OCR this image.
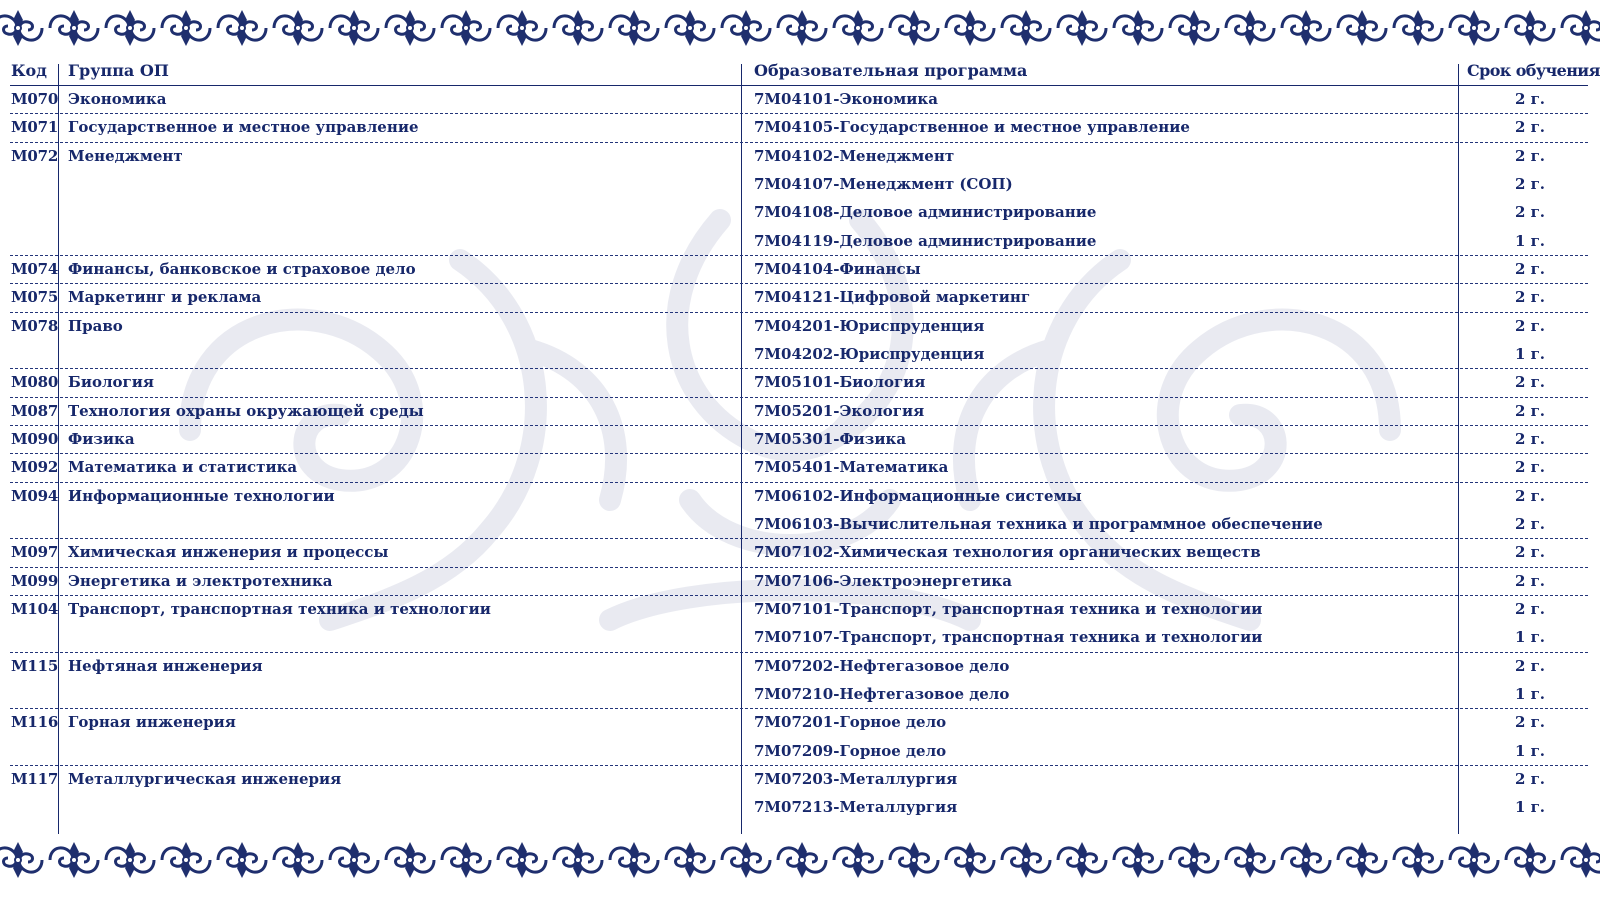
Код Группа ОП	Образовательная программа	Срок обучения
M070 Экономика	7M04101-Экономика	2 г.
M071 Государственное и местное управление	7M04105-Государственное и местное управление	2 г.
M072 Менеджмент	7M04102-Менеджмент	2 г.
7M04107-Менеджмент (СОП)	2 г.
7M04108-Деловое администрирование	2 г.
7M04119-Деловое администрирование	1 г.
M074 Финансы, банковское и страховое дело	7M04104-Финансы	2 г.
M075 Маркетинг и реклама	7M04121-Цифровой маркетинг	2 г.
M078 Право	7M04201-Юриспруденция	2 г.
7M04202-Юриспруденция	1 г.
M080 Биология	7M05101-Биология	2 г.
M087 Технология охраны окружающей среды	7M05201-Экология	2 г.
M090 Физика	7M05301-Физика	2 г.
M092 Математика и статистика	7M05401-Математика	2 г.
M094 Информационные технологии	7M06102-Информационные системы	2 г.
7M06103-Вычислительная техника и программное обеспечение	2 г.
M097 Химическая инженерия и процессы	7M07102-Химическая технология органических веществ	2 г.
M099 Энергетика и электротехника	7M07106-Электроэнергетика	2 г.
M104 Транспорт, транспортная техника и технологии	7M07101-Транспорт, транспортная техника и технологии	2 г.
7M07107-Транспорт, транспортная техника и технологии	1 г.
M115 Нефтяная инженерия	7M07202-Нефтегазовое дело	2 г.
7M07210-Нефтегазовое дело	1 г.
M116 Горная инженерия	7M07201-Горное дело	2 г.
7M07209-Горное дело	1 г.
M117 Металлургическая инженерия	7M07203-Металлургия	2 г.
7M07213-Металлургия	1 г.
